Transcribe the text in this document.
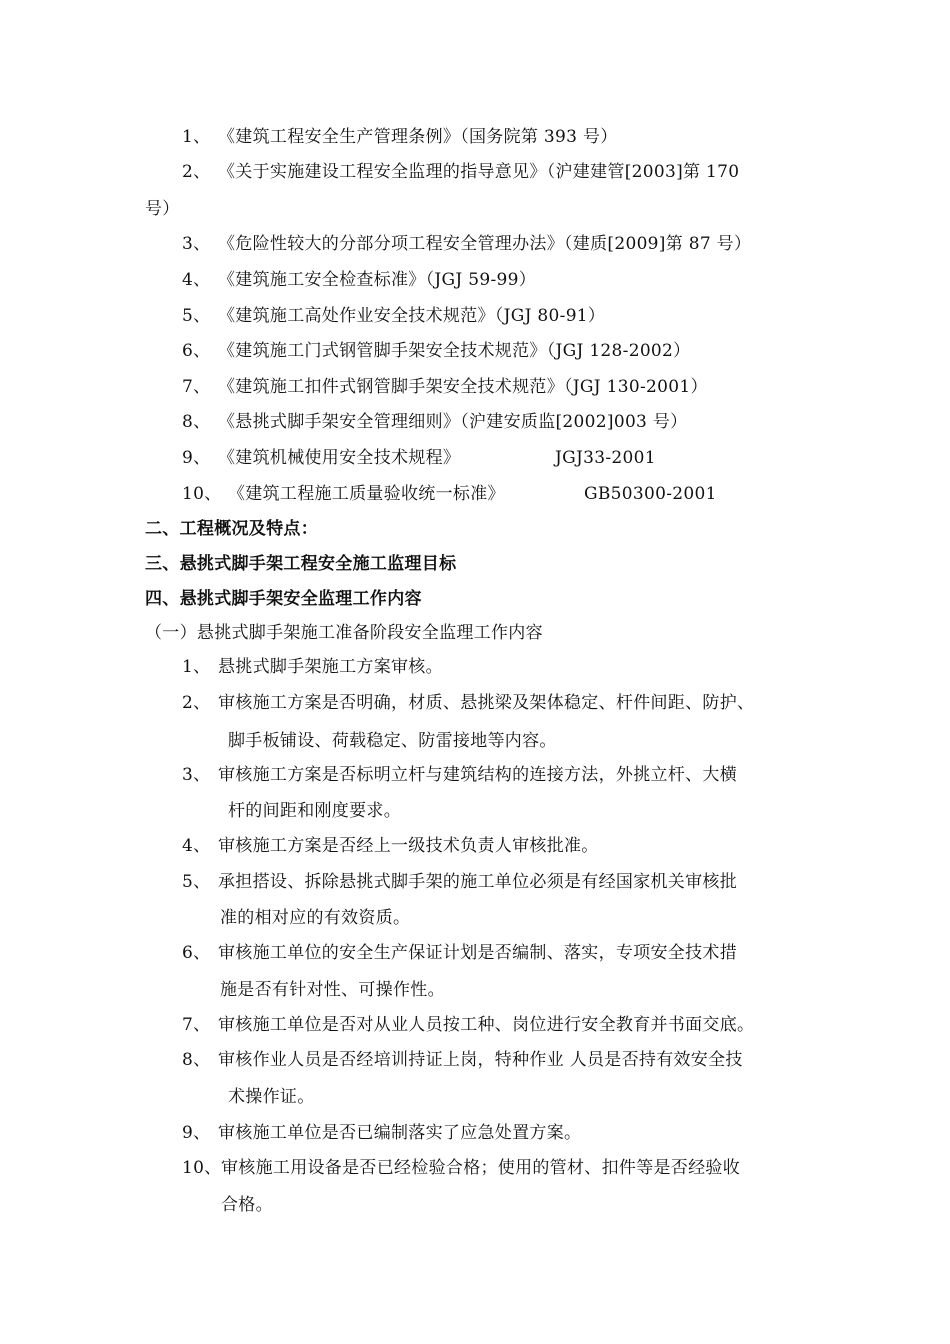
1、 《建筑工程安全生产管理条例》（国务院第 393 号）
2、 《关于实施建设工程安全监理的指导意见》（沪建建管[2003]第 170
号）
3、 《危险性较大的分部分项工程安全管理办法》（建质[2009]第 87 号）
4、 《建筑施工安全检查标准》（JGJ 59-99）
5、 《建筑施工高处作业安全技术规范》（JGJ 80-91）
6、 《建筑施工门式钢管脚手架安全技术规范》（JGJ 128-2002）
7、 《建筑施工扣件式钢管脚手架安全技术规范》（JGJ 130-2001）
8、 《悬挑式脚手架安全管理细则》（沪建安质监[2002]003 号）
9、 《建筑机械使用安全技术规程》	JGJ33-2001
10、 《建筑工程施工质量验收统一标准》	GB50300-2001
二、工程概况及特点：
三、悬挑式脚手架工程安全施工监理目标
四、悬挑式脚手架安全监理工作内容
（一）悬挑式脚手架施工准备阶段安全监理工作内容
1、 悬挑式脚手架施工方案审核。
2、 审核施工方案是否明确，材质、悬挑梁及架体稳定、杆件间距、防护、
脚手板铺设、荷载稳定、防雷接地等内容。
3、 审核施工方案是否标明立杆与建筑结构的连接方法，外挑立杆、大横
杆的间距和刚度要求。
4、 审核施工方案是否经上一级技术负责人审核批准。
5、 承担搭设、拆除悬挑式脚手架的施工单位必须是有经国家机关审核批
准的相对应的有效资质。
6、 审核施工单位的安全生产保证计划是否编制、落实，专项安全技术措
施是否有针对性、可操作性。
7、 审核施工单位是否对从业人员按工种、岗位进行安全教育并书面交底。
8、 审核作业人员是否经培训持证上岗，特种作业 人员是否持有效安全技
术操作证。
9、 审核施工单位是否已编制落实了应急处置方案。
10、 审核施工用设备是否已经检验合格；使用的管材、扣件等是否经验收
合格。
